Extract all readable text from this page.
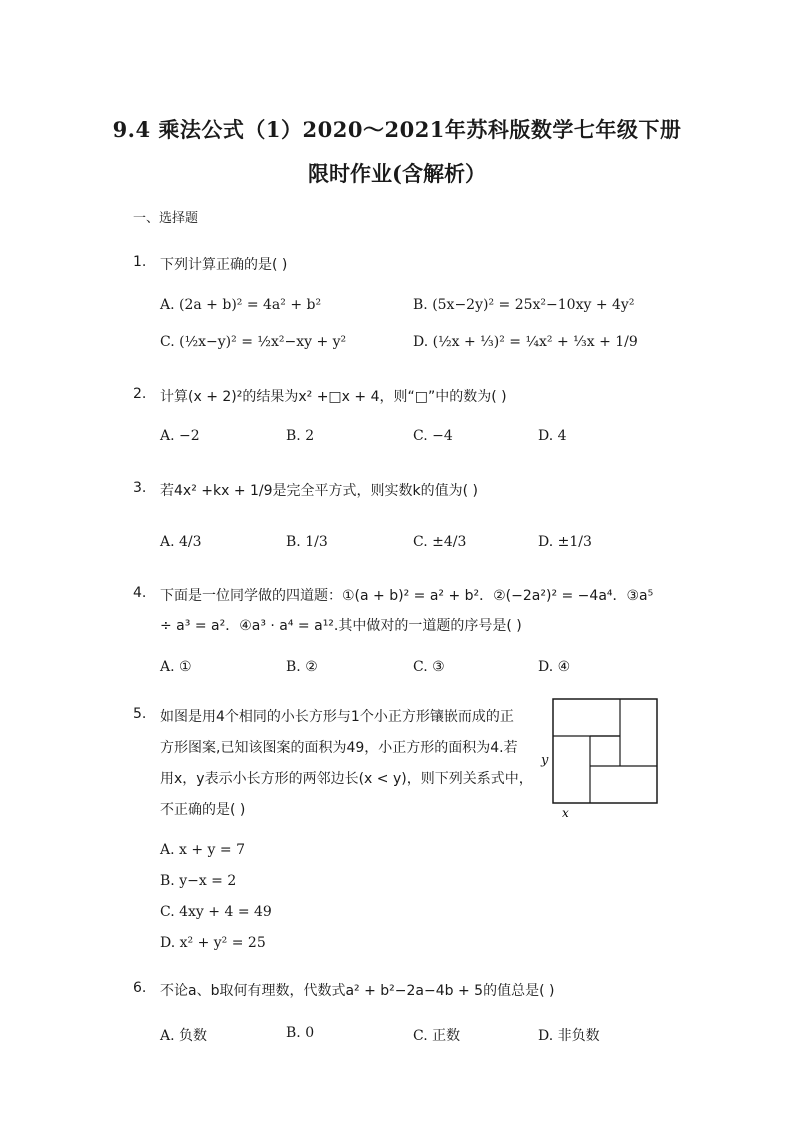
9.4 乘法公式（1）2020～2021年苏科版数学七年级下册
限时作业(含解析）
一、选择题
1. 下列计算正确的是( )
A. (2a + b)² = 4a² + b²	B. (5x−2y)² = 25x²−10xy + 4y²
C. (½x−y)² = ½x²−xy + y²	D. (½x + ⅓)² = ¼x² + ⅓x + 1/9
2. 计算(x + 2)²的结果为x² +□x + 4，则“□”中的数为( )
A. −2	B. 2	C. −4	D. 4
3. 若4x² +kx + 1/9是完全平方式，则实数k的值为( )
A. 4/3	B. 1/3	C. ±4/3	D. ±1/3
4. 下面是一位同学做的四道题：①(a + b)² = a² + b²．②(−2a²)² = −4a⁴．③a⁵
÷ a³ = a²．④a³ · a⁴ = a¹².其中做对的一道题的序号是( )
A. ①	B. ②	C. ③	D. ④
5. 如图是用4个相同的小长方形与1个小正方形镶嵌而成的正
方形图案,已知该图案的面积为49，小正方形的面积为4.若
用x，y表示小长方形的两邻边长(x < y)，则下列关系式中，
不正确的是( )
A. x + y = 7
B. y−x = 2
C. 4xy + 4 = 49
D. x² + y² = 25
x
y
6. 不论a、b取何有理数，代数式a² + b²−2a−4b + 5的值总是( )
A. 负数	B. 0	C. 正数	D. 非负数
